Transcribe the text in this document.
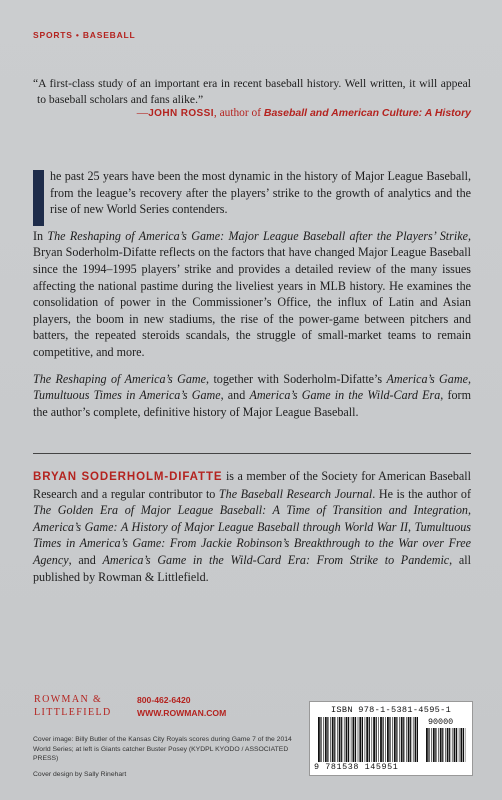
SPORTS • BASEBALL
“A first-class study of an important era in recent baseball history. Well written, it will appeal to baseball scholars and fans alike.”
—JOHN ROSSI, author of Baseball and American Culture: A History

he past 25 years have been the most dynamic in the history of Major League Baseball, from the league’s recovery after the players’ strike to the growth of analytics and the rise of new World Series contenders.

In The Reshaping of America’s Game: Major League Baseball after the Players’ Strike, Bryan Soderholm-Difatte reflects on the factors that have changed Major League Baseball since the 1994–1995 players’ strike and provides a detailed review of the many issues affecting the national pastime during the liveliest years in MLB history. He examines the consolidation of power in the Commissioner’s Office, the influx of Latin and Asian players, the boom in new stadiums, the rise of the power-game between pitchers and batters, the repeated steroids scandals, the struggle of small-market teams to remain competitive, and more.

The Reshaping of America’s Game, together with Soderholm-Difatte’s America’s Game, Tumultuous Times in America’s Game, and America’s Game in the Wild-Card Era, form the author’s complete, definitive history of Major League Baseball.

BRYAN SODERHOLM-DIFATTE is a member of the Society for American Baseball Research and a regular contributor to The Baseball Research Journal. He is the author of The Golden Era of Major League Baseball: A Time of Transition and Integration, America’s Game: A History of Major League Baseball through World War II, Tumultuous Times in America’s Game: From Jackie Robinson’s Breakthrough to the War over Free Agency, and America’s Game in the Wild-Card Era: From Strike to Pandemic, all published by Rowman & Littlefield.
ROWMAN &
LITTLEFIELD
800-462-6420
WWW.ROWMAN.COM

Cover image: Billy Butler of the Kansas City Royals scores during Game 7 of the 2014 World Series; at left is Giants catcher Buster Posey (KYDPL KYODO / ASSOCIATED PRESS)

Cover design by Sally Rinehart

ISBN 978-1-5381-4595-1
90000
9 781538 145951
